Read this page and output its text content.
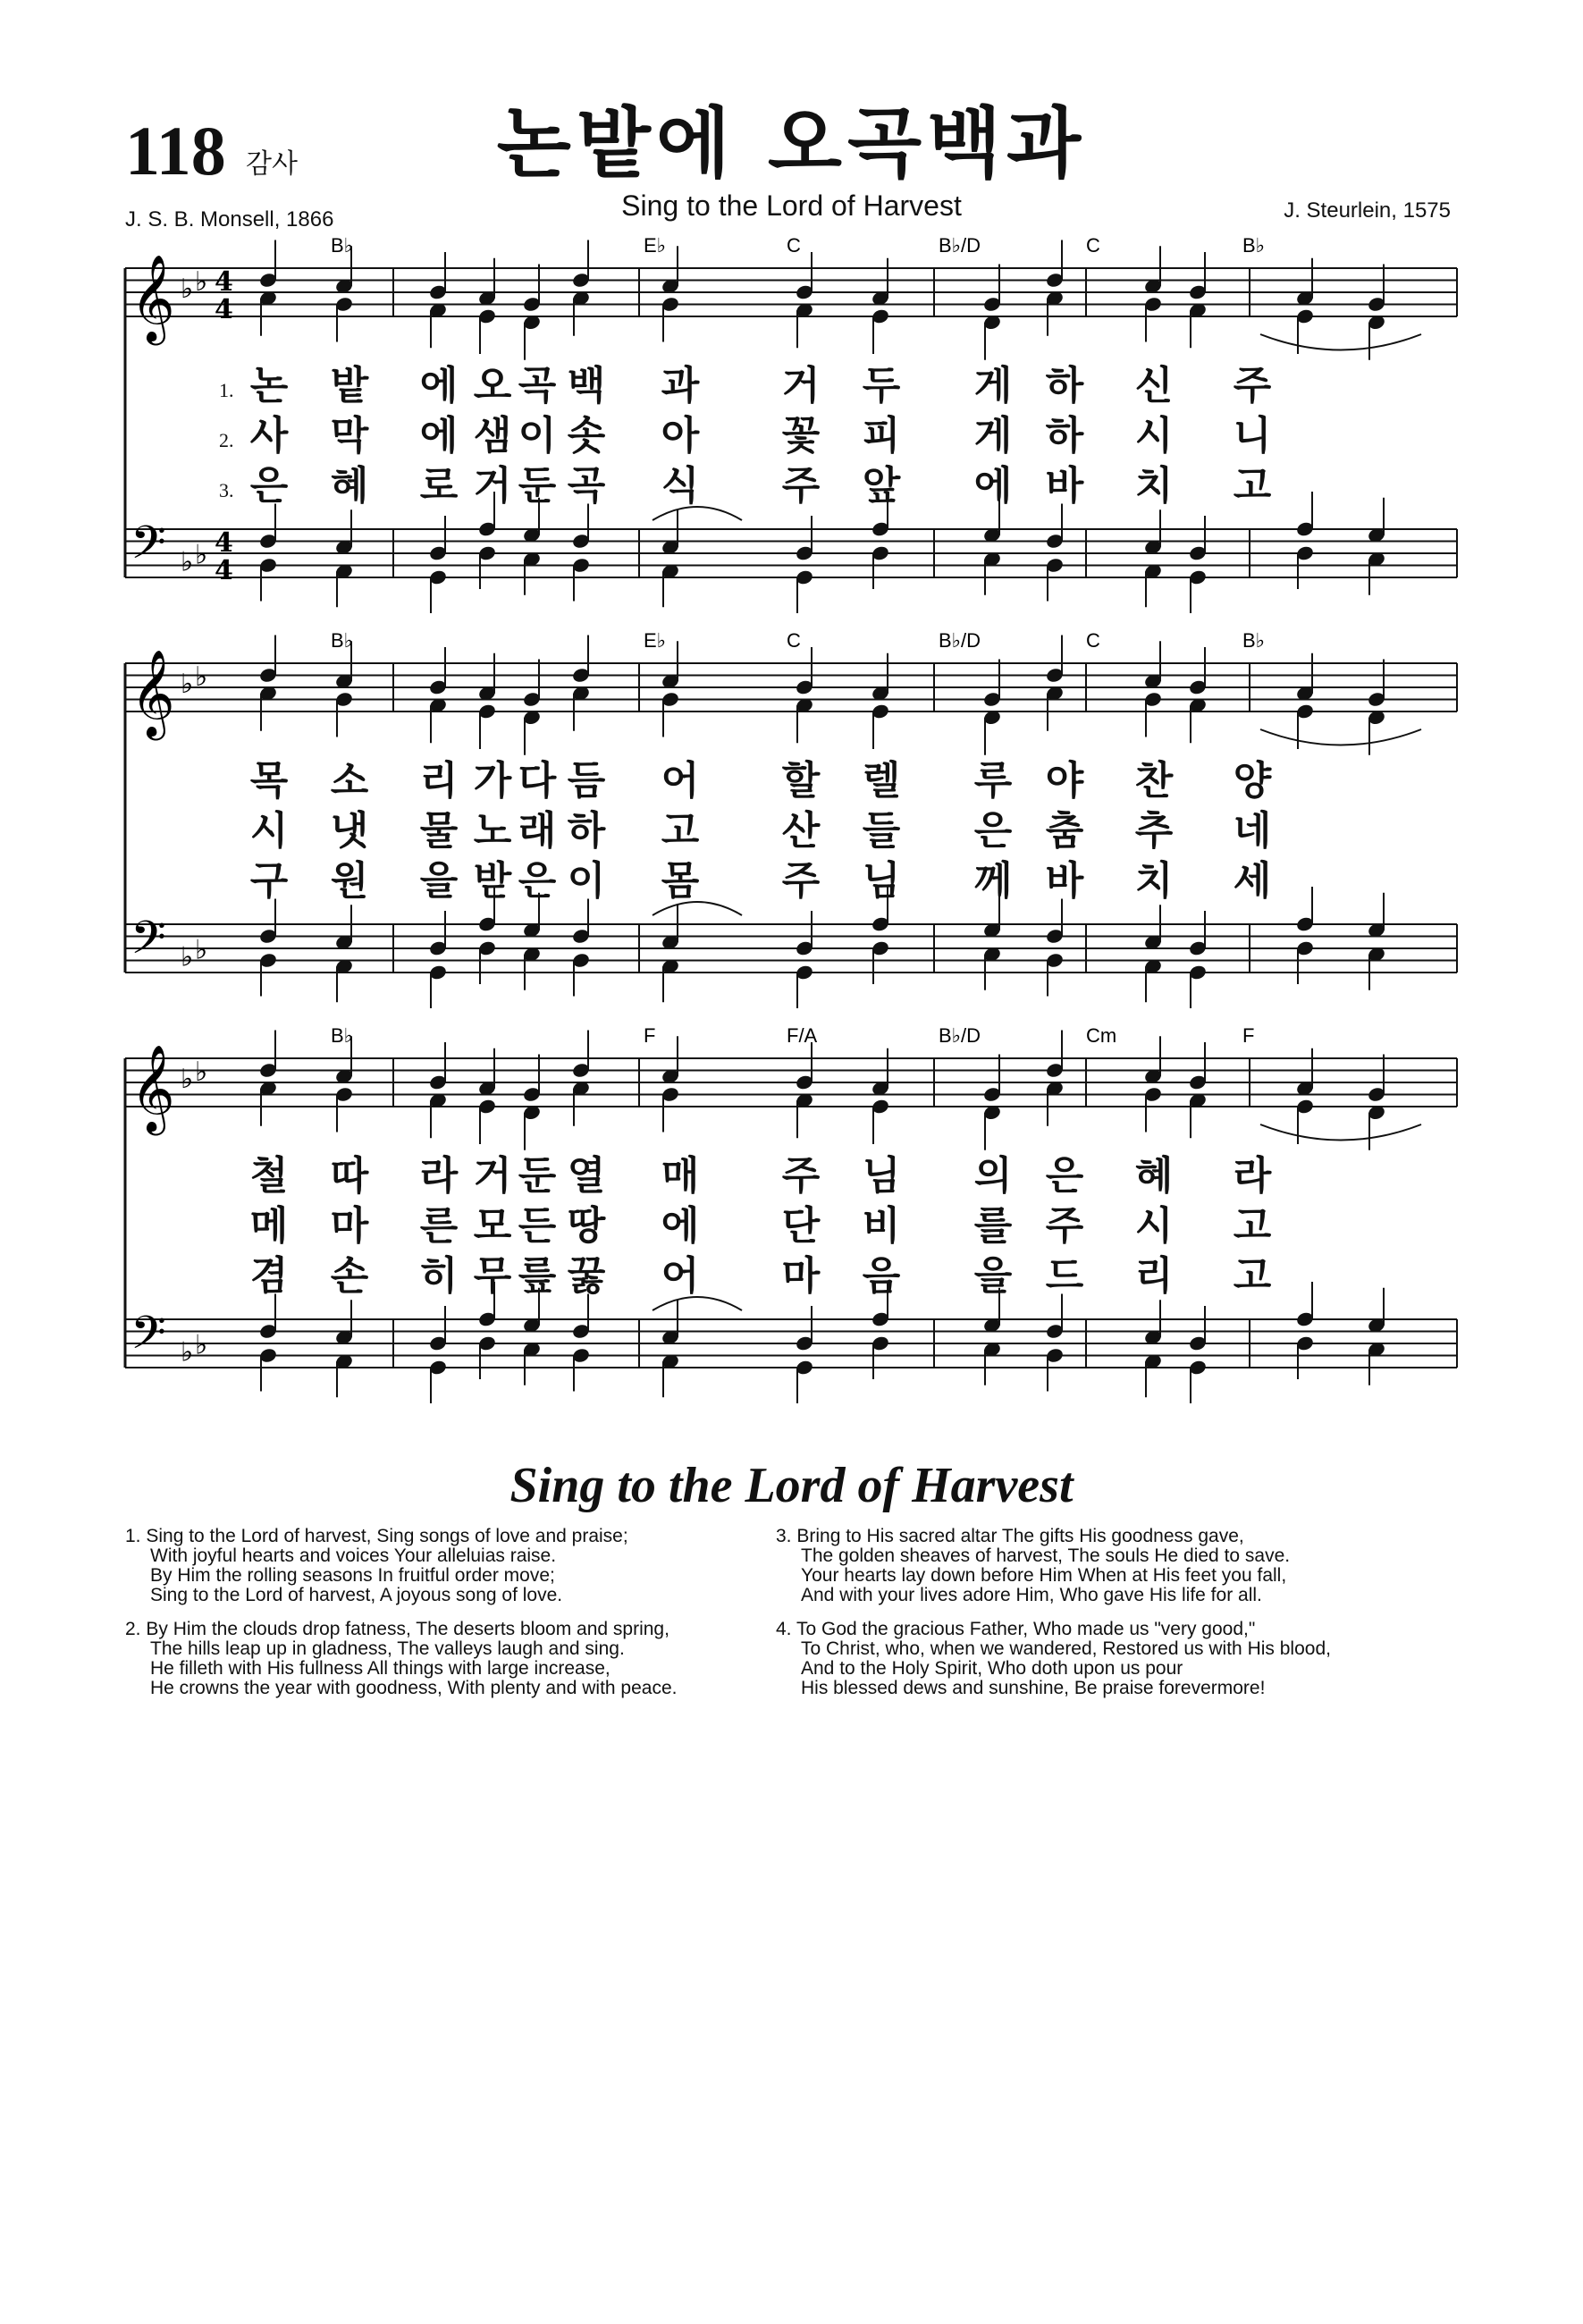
118 감사	논밭에 오곡백과
Sing to the Lord of Harvest
J. S. B. Monsell, 1866	J. Steurlein, 1575
𝄞
𝄢
♭ ♭
♭ ♭
4
4
4
4
B♭	E♭	C	B♭/D	C	B♭
𝄞
𝄢
♭ ♭
♭ ♭
B♭	E♭	C	B♭/D	C	B♭
𝄞
𝄢
♭ ♭
♭ ♭
B♭	F	F/A	B♭/D	Cm	F
1. 논 밭 에 오 곡 백 과 거 두 게 하 신 주
2. 사 막 에 샘 이 솟 아 꽃 피 게 하 시 니
3. 은 혜 로 거 둔 곡 식 주 앞 에 바 치 고
목 소 리 가 다 듬 어 할 렐 루 야 찬 양
시 냇 물 노 래 하 고 산 들 은 춤 추 네
구 원 을 받 은 이 몸 주 님 께 바 치 세
철 따 라 거 둔 열 매 주 님 의 은 혜 라
메 마 른 모 든 땅 에 단 비 를 주 시 고
겸 손 히 무 릎 꿇 어 마 음 을 드 리 고
Sing to the Lord of Harvest
1. Sing to the Lord of harvest, Sing songs of love and praise;
With joyful hearts and voices Your alleluias raise.
By Him the rolling seasons In fruitful order move;
Sing to the Lord of harvest, A joyous song of love.
2. By Him the clouds drop fatness, The deserts bloom and spring,
The hills leap up in gladness, The valleys laugh and sing.
He filleth with His fullness All things with large increase,
He crowns the year with goodness, With plenty and with peace.
3. Bring to His sacred altar The gifts His goodness gave,
The golden sheaves of harvest, The souls He died to save.
Your hearts lay down before Him When at His feet you fall,
And with your lives adore Him, Who gave His life for all.
4. To God the gracious Father, Who made us "very good,"
To Christ, who, when we wandered, Restored us with His blood,
And to the Holy Spirit, Who doth upon us pour
His blessed dews and sunshine, Be praise forevermore!
